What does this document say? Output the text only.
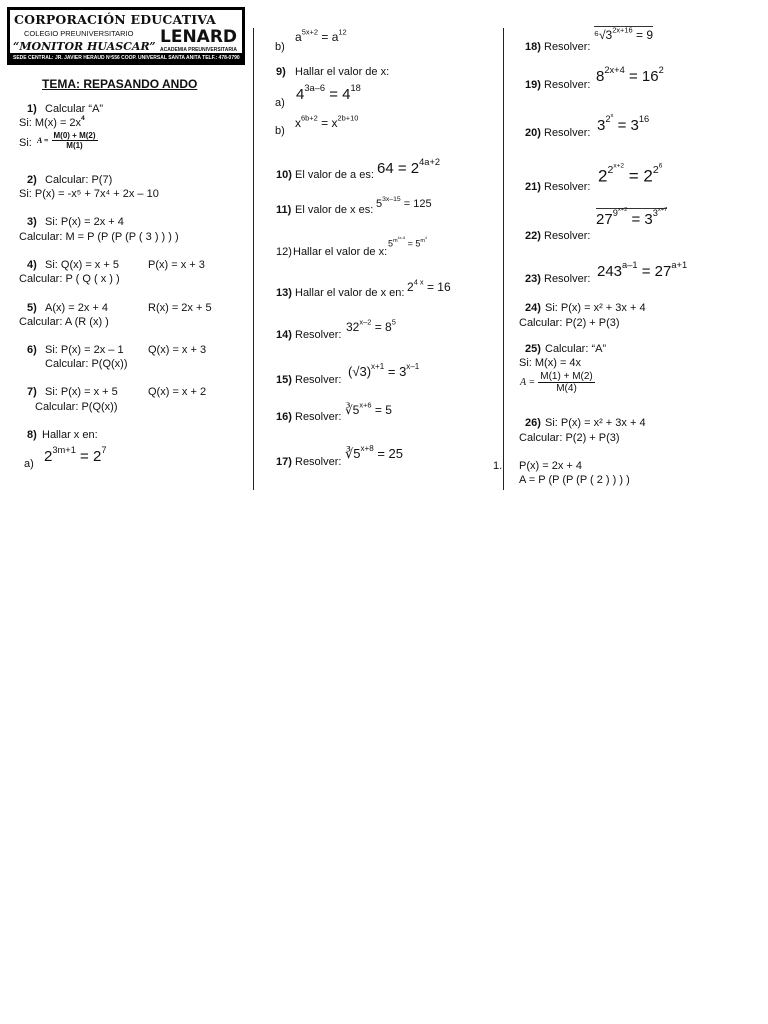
CORPORACIÓN EDUCATIVA
COLEGIO PREUNIVERSITARIO
“MONITOR HUASCAR” LENARD
ACADEMIA PREUNIVERSITARIA
SEDE CENTRAL: JR. JAVIER HERAUD Nº556 COOP. UNIVERSAL SANTA ANITA TELF.: 478-0790
TEMA: REPASANDO ANDO
1) Calcular “A”
Si: $M(x) = 2x^4$
Si: $A = \frac{M(0) + M(2)}{M(1)}$
2) Calcular: P(7)
Si: P(x) = -x⁵ + 7x⁴ + 2x – 10
3) Si: P(x) = 2x + 4
Calcular: M = P (P (P (P ( 3 ) ) ) )
4) Si: Q(x) = x + 5	P(x) = x + 3
Calcular: P ( Q ( x ) )
5) A(x) = 2x + 4	R(x) = 2x + 5
Calcular: A (R (x) )
6) Si: P(x) = 2x – 1 Q(x) = x + 3
Calcular: P(Q(x))
7) Si: P(x) = x + 5	Q(x) = x + 2
Calcular: P(Q(x))
8) Hallar x en:
a) $2^{3m+1} = 2^7$
b)
$a^{5x+2} = a^{12}$
9) Hallar el valor de x:
a) $4^{3a-6} = 4^{18}$
b)
$x^{6b+2} = x^{2b+10}$
10) El valor de a es: $64 = 2^{4a+2}$
11) El valor de x es: $5^{3x-15} = 125$
12) Hallar el valor de x:
$5^{m^{4x-8}} = 5^{m^4}$
13) Hallar el valor de x en: $2^{4 x} = 16$
14) Resolver:
$32^{x-2} = 8^5$
15) Resolver:
$(√3)^{x+1} = 3^{x-1}$
16) Resolver: $∛5^{x+6} = 5$
17) Resolver:
$∛5^{x+8} = 25$
18) Resolver:
$^6√3^{2x+16} = 9$
19) Resolver: $8^{2x+4} = 16^2$
20) Resolver: $3^{2^x} = 3^{16}$
21) Resolver:
$2^{2^{x+2}} = 2^{2^6}$
22) Resolver:
$27^{9^{x+2}} = 3^{3^{x+7}}$
23) Resolver: $243^{a-1} = 27^{a+1}$
24) Si: P(x) = x² + 3x + 4
Calcular: P(2) + P(3)
25) Calcular: “A”
Si: M(x) = 4x
$A = \frac{M(1) + M(2)}{M(4)}$
26) Si: P(x) = x² + 3x + 4
Calcular: P(2) + P(3)
1. P(x) = 2x + 4
A = P (P (P (P ( 2 ) ) ) )
